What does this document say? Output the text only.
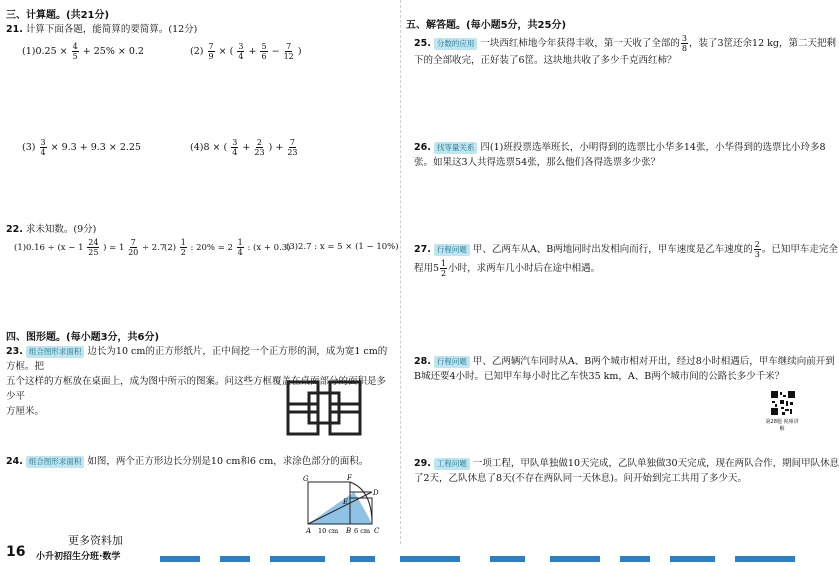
三、计算题。(共21分)
21. 计算下面各题，能简算的要简算。(12分)
$(1)0.25 \times \frac{4}{5} + 25\% \times 0.2$	$(2) \frac{7}{9}$ × ( $\frac{3}{4} + \frac{5}{6} - \frac{7}{12}$ )
$(3) \frac{3}{4} \times 9.3 + 9.3 \times 2.25$	(4)8 × ( $\frac{3}{4} + \frac{2}{23}$ ) + $\frac{7}{23}$
22. 求未知数。(9分)
$(1)0.16 \div (x - 1 \frac{24}{25}$ ) = $1 \frac{7}{20} \div 2.7$
$(2) \frac{1}{2}$ : $20\% = 2 \frac{1}{4}$ : (x + 0.3)
(3)2.7 : x = 5 × (1 − 10%)
四、图形题。(每小题3分，共6分)
23. 组合图形求面积 边长为10 cm的正方形纸片，正中间挖一个正方形的洞，成为宽1 cm的方框。把
五个这样的方框放在桌面上，成为图中所示的图案。问这些方框覆盖在桌面部分的面积是多少平
方厘米。
24. 组合图形求面积 如图，两个正方形边长分别是10 cm和6 cm，求涂色部分的面积。
G	F
E
D
A 10 cm B 6 cm C
五、解答题。(每小题5分，共25分)
25. 分数的应用 一块西红柿地今年获得丰收，第一天收了全部的 $\frac{3}{8}$ ，装了3筐还余12 kg，第二天把剩
下的全部收完，正好装了6筐。这块地共收了多少千克西红柿？
26. 找等量关系 四(1)班投票选举班长，小明得到的选票比小华多14张，小华得到的选票比小玲多8
张。如果这3人共得选票54张，那么他们各得选票多少张？
27. 行程问题 甲、乙两车从A、B两地同时出发相向而行，甲车速度是乙车速度的 $\frac{2}{3}$ 。已知甲车走完全
程用$5 \frac{1}{2}$ 小时，求两车几小时后在途中相遇。
28. 行程问题 甲、乙两辆汽车同时从A、B两个城市相对开出，经过8小时相遇后，甲车继续向前开到
B城还要4小时。已知甲车每小时比乙车快35 km，A、B两个城市间的公路长多少千米？
第28题 视频讲解
29. 工程问题 一项工程，甲队单独做10天完成，乙队单独做30天完成，现在两队合作，期间甲队休息
了2天，乙队休息了8天(不存在两队同一天休息)。问开始到完工共用了多少天。
更多资料加
16 小升初招生分班·数学
